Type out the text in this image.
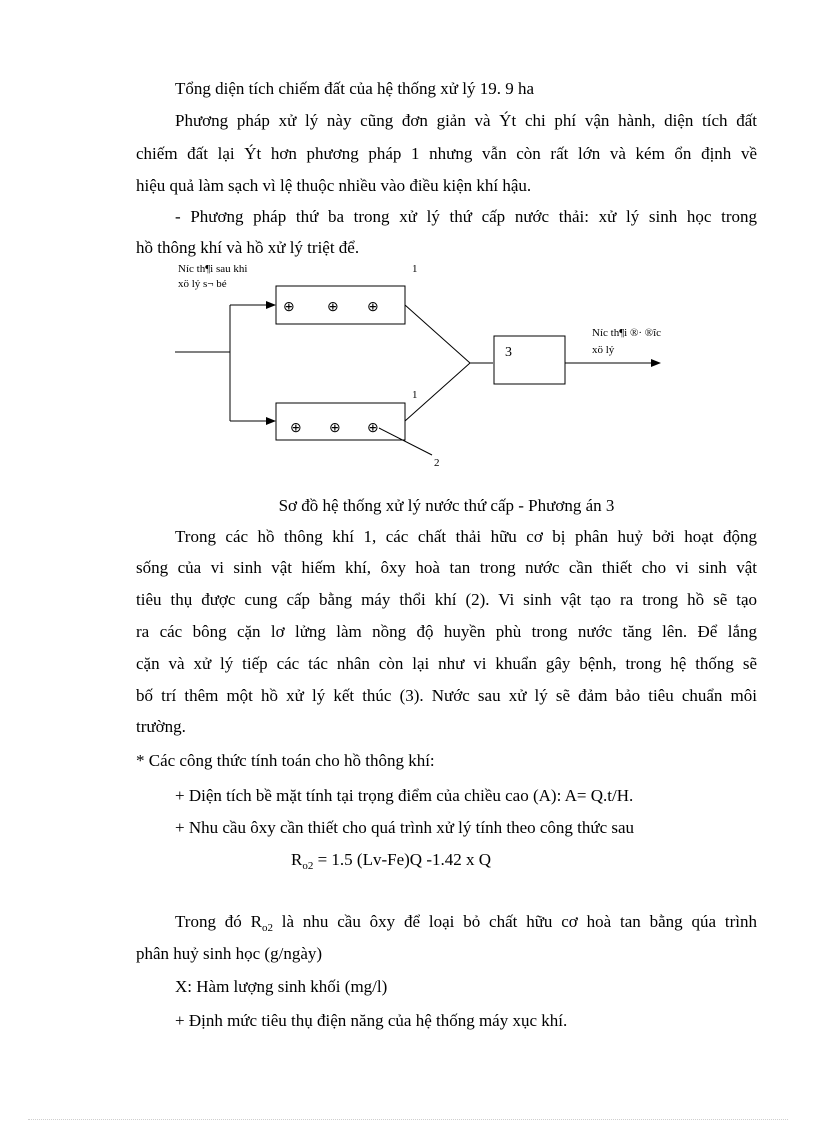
Tổng diện tích chiếm đất của hệ thống xử lý 19. 9 ha
Phương pháp xử lý này cũng đơn giản và Ýt chi phí vận hành, diện tích đất
chiếm đất lại Ýt hơn phương pháp 1 nhưng vẫn còn rất lớn và kém ổn định về
hiệu quả làm sạch vì lệ thuộc nhiều vào điều kiện khí hậu.
- Phương pháp thứ ba trong xử lý thứ cấp nước thải: xử lý sinh học trong
hồ thông khí và hồ xử lý triệt để.
Níc th¶i sau khi
xö lý s¬ bé
⊕ ⊕ ⊕
1
⊕ ⊕ ⊕
1
2
3
Níc th¶i ®· ®îc
xö lý
Sơ đồ hệ thống xử lý nước thứ cấp - Phương án 3
Trong các hồ thông khí 1, các chất thải hữu cơ bị phân huỷ bởi hoạt động
sống của vi sinh vật hiếm khí, ôxy hoà tan trong nước cần thiết cho vi sinh vật
tiêu thụ được cung cấp bằng máy thổi khí (2). Vi sinh vật tạo ra trong hồ sẽ tạo
ra các bông cặn lơ lửng làm nồng độ huyền phù trong nước tăng lên. Để lắng
cặn và xử lý tiếp các tác nhân còn lại như vi khuẩn gây bệnh, trong hệ thống sẽ
bố trí thêm một hồ xử lý kết thúc (3). Nước sau xử lý sẽ đảm bảo tiêu chuẩn môi
trường.
* Các công thức tính toán cho hồ thông khí:
+ Diện tích bề mặt tính tại trọng điểm của chiều cao (A): A= Q.t/H.
+ Nhu cầu ôxy cần thiết cho quá trình xử lý tính theo công thức sau
$R_{o2} = 1.5$ (Lv-Fe)Q -1.42 x Q
Trong đó $R_{o2}$ là nhu cầu ôxy để loại bỏ chất hữu cơ hoà tan bằng qúa trình
phân huỷ sinh học (g/ngày)
X: Hàm lượng sinh khối (mg/l)
+ Định mức tiêu thụ điện năng của hệ thống máy xục khí.
